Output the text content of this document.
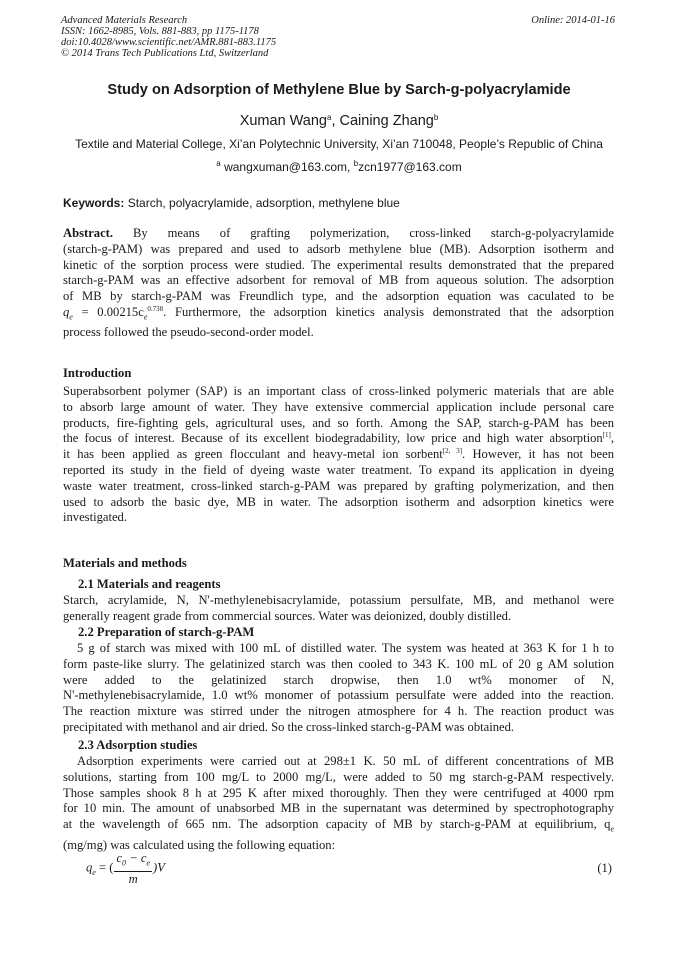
Advanced Materials Research
ISSN: 1662-8985, Vols. 881-883, pp 1175-1178
doi:10.4028/www.scientific.net/AMR.881-883.1175
© 2014 Trans Tech Publications Ltd, Switzerland
Online: 2014-01-16
Study on Adsorption of Methylene Blue by Sarch-g-polyacrylamide
Xuman Wang$^a$, Caining Zhang$^b$
Textile and Material College, Xi’an Polytechnic University, Xi’an 710048, People’s Republic of China
$^a$ wangxuman@163.com, $^b$zcn1977@163.com
Keywords: Starch, polyacrylamide, adsorption, methylene blue
Abstract. By means of grafting polymerization, cross-linked starch-g-polyacrylamide
(starch-g-PAM) was prepared and used to adsorb methylene blue (MB). Adsorption isotherm and
kinetic of the sorption process were studied. The experimental results demonstrated that the prepared
starch-g-PAM was an effective adsorbent for removal of MB from aqueous solution. The adsorption
of MB by starch-g-PAM was Freundlich type, and the adsorption equation was caculated to be
$q_e = 0.00215c_e^{0.738}$. Furthermore, the adsorption kinetics analysis demonstrated that the adsorption
process followed the pseudo-second-order model.
Introduction
Superabsorbent polymer (SAP) is an important class of cross-linked polymeric materials that are able
to absorb large amount of water. They have extensive commercial application include personal care
products, fire-fighting gels, agricultural uses, and so forth. Among the SAP, starch-g-PAM has been
the focus of interest. Because of its excellent biodegradability, low price and high water absorption[1],
it has been applied as green flocculant and heavy-metal ion sorbent[2, 3]. However, it has not been
reported its study in the field of dyeing waste water treatment. To expand its application in dyeing
waste water treatment, cross-linked starch-g-PAM was prepared by grafting polymerization, and then
used to adsorb the basic dye, MB in water. The adsorption isotherm and adsorption kinetics were
investigated.
Materials and methods
2.1 Materials and reagents
Starch, acrylamide, N, N'-methylenebisacrylamide, potassium persulfate, MB, and methanol were
generally reagent grade from commercial sources. Water was deionized, doubly distilled.
2.2 Preparation of starch-g-PAM
5 g of starch was mixed with 100 mL of distilled water. The system was heated at 363 K for 1 h to
form paste-like slurry. The gelatinized starch was then cooled to 343 K. 100 mL of 20 g AM solution
were added to the gelatinized starch dropwise, then 1.0 wt% monomer of N,
N'-methylenebisacrylamide, 1.0 wt% monomer of potassium persulfate were added into the reaction.
The reaction mixture was stirred under the nitrogen atmosphere for 4 h. The reaction product was
precipitated with methanol and air dried. So the cross-linked starch-g-PAM was obtained.
2.3 Adsorption studies
Adsorption experiments were carried out at 298±1 K. 50 mL of different concentrations of MB
solutions, starting from 100 mg/L to 2000 mg/L, were added to 50 mg starch-g-PAM respectively.
Those samples shook 8 h at 295 K after mixed thoroughly. Then they were centrifuged at 4000 rpm
for 10 min. The amount of unabsorbed MB in the supernatant was determined by spectrophotography
at the wavelength of 665 nm. The adsorption capacity of MB by starch-g-PAM at equilibrium, $q_e$
(mg/mg) was calculated using the following equation:
$q_e$ = ( $\frac{c_0 - c_e}{m} )V$	(1)
